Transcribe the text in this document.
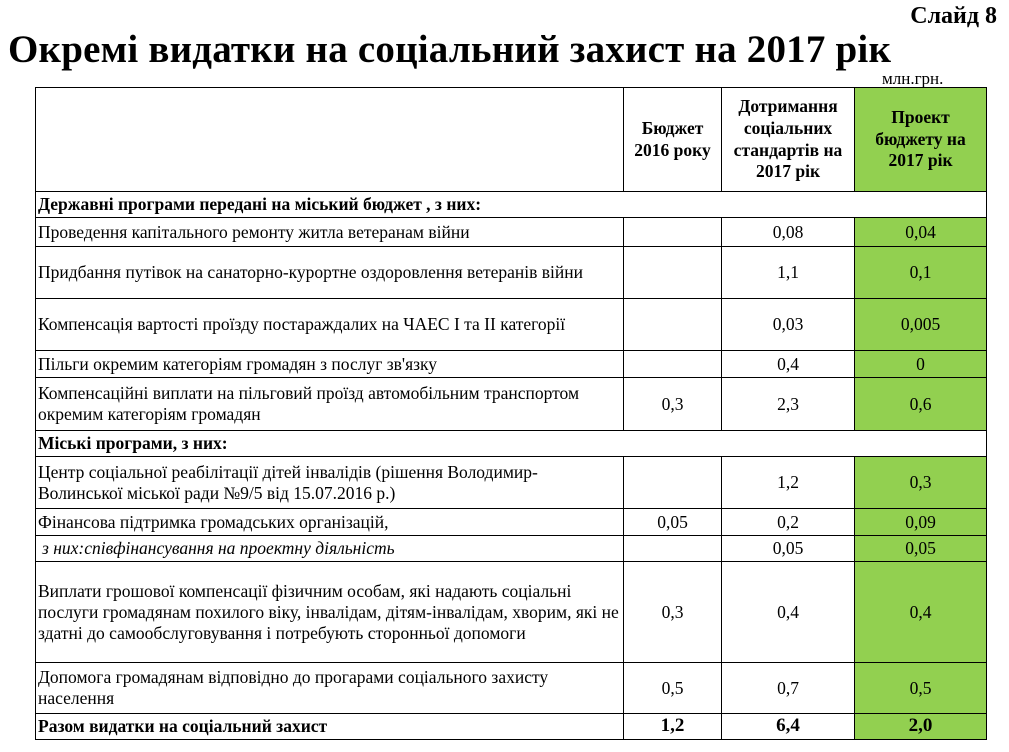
Слайд 8
Окремі видатки на соціальний захист на 2017 рік
млн.грн.
	Бюджет 2016 року	Дотримання соціальних стандартів на 2017 рік	Проект бюджету на 2017 рік
Державні програми передані на міський бюджет , з них:			
Проведення капітального ремонту житла ветеранам війни		0,08	0,04
Придбання путівок на санаторно-курортне оздоровлення ветеранів війни		1,1	0,1
Компенсація вартості проїзду постараждалих на ЧАЕС І та ІІ категорії		0,03	0,005
Пільги окремим категоріям громадян з послуг зв'язку		0,4	0
Компенсаційні виплати на пільговий проїзд автомобільним транспортом окремим категоріям громадян	0,3	2,3	0,6
Міські програми, з них:			
Центр соціальної реабілітації дітей інвалідів (рішення Володимир-Волинської міської ради №9/5 від 15.07.2016 р.)		1,2	0,3
Фінансова підтримка громадських організацій,	0,05	0,2	0,09
з них:співфінансування на проектну діяльність		0,05	0,05
Виплати грошової компенсації фізичним особам, які надають соціальні послуги громадянам похилого віку, інвалідам, дітям-інвалідам, хворим, які не здатні до самообслуговування і потребують сторонньої допомоги	0,3	0,4	0,4
Допомога громадянам відповідно до прогарами соціального захисту населення	0,5	0,7	0,5
Разом видатки на соціальний захист	1,2	6,4	2,0
